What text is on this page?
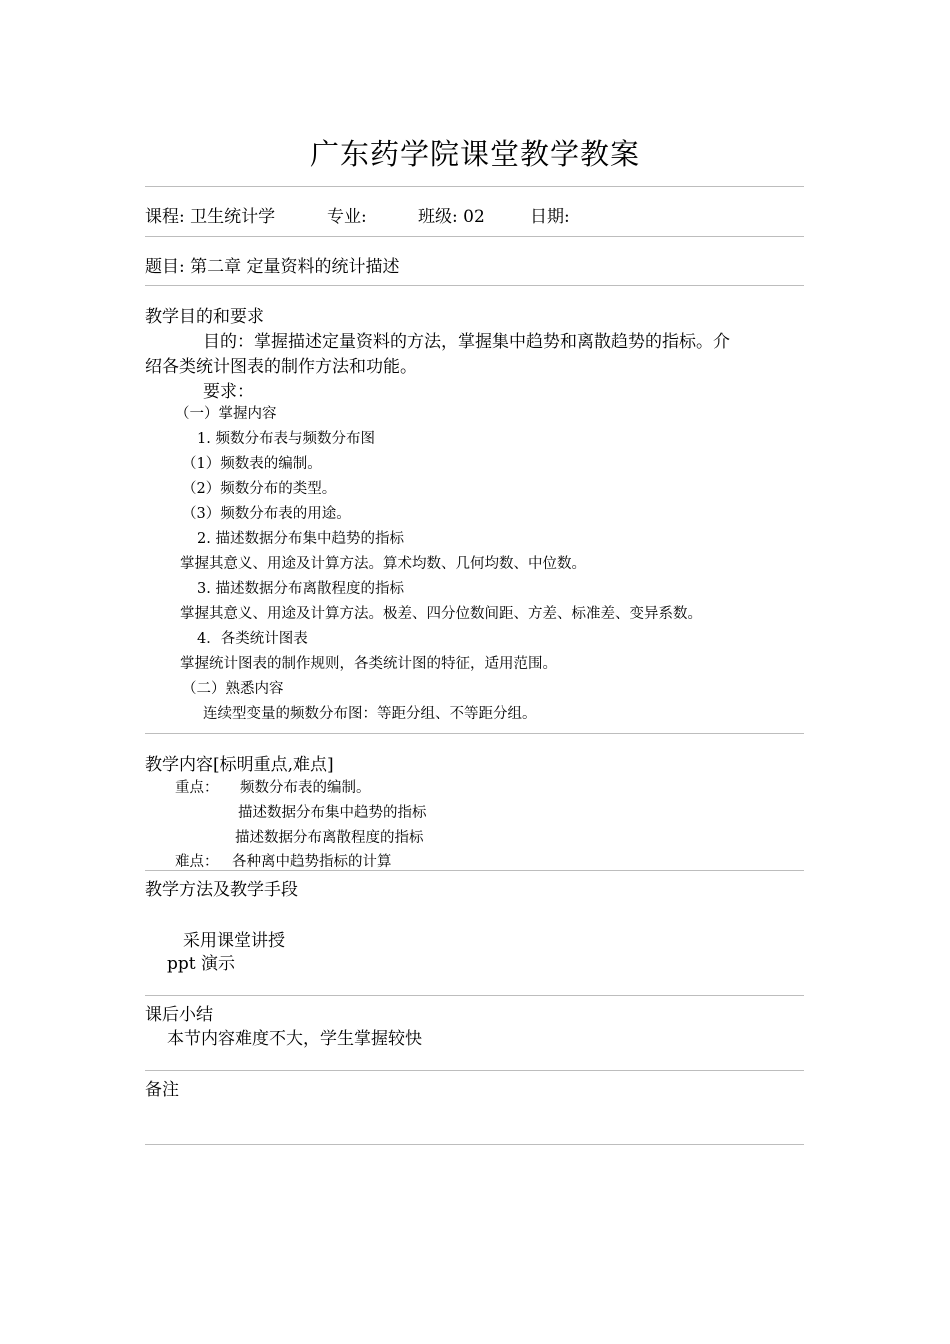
广东药学院课堂教学教案
课程: 卫生统计学	专业:	班级: 02	日期:
题目: 第二章 定量资料的统计描述
教学目的和要求
目的：掌握描述定量资料的方法，掌握集中趋势和离散趋势的指标。介
绍各类统计图表的制作方法和功能。
要求：
（一）掌握内容
1. 频数分布表与频数分布图
（1）频数表的编制。
（2）频数分布的类型。
（3）频数分布表的用途。
2. 描述数据分布集中趋势的指标
掌握其意义、用途及计算方法。算术均数、几何均数、中位数。
3. 描述数据分布离散程度的指标
掌握其意义、用途及计算方法。极差、四分位数间距、方差、标准差、变异系数。
4．各类统计图表
掌握统计图表的制作规则，各类统计图的特征，适用范围。
（二）熟悉内容
连续型变量的频数分布图：等距分组、不等距分组。
教学内容[标明重点,难点]
重点： 频数分布表的编制。
描述数据分布集中趋势的指标
描述数据分布离散程度的指标
难点： 各种离中趋势指标的计算
教学方法及教学手段
采用课堂讲授
ppt 演示
课后小结
本节内容难度不大，学生掌握较快
备注
